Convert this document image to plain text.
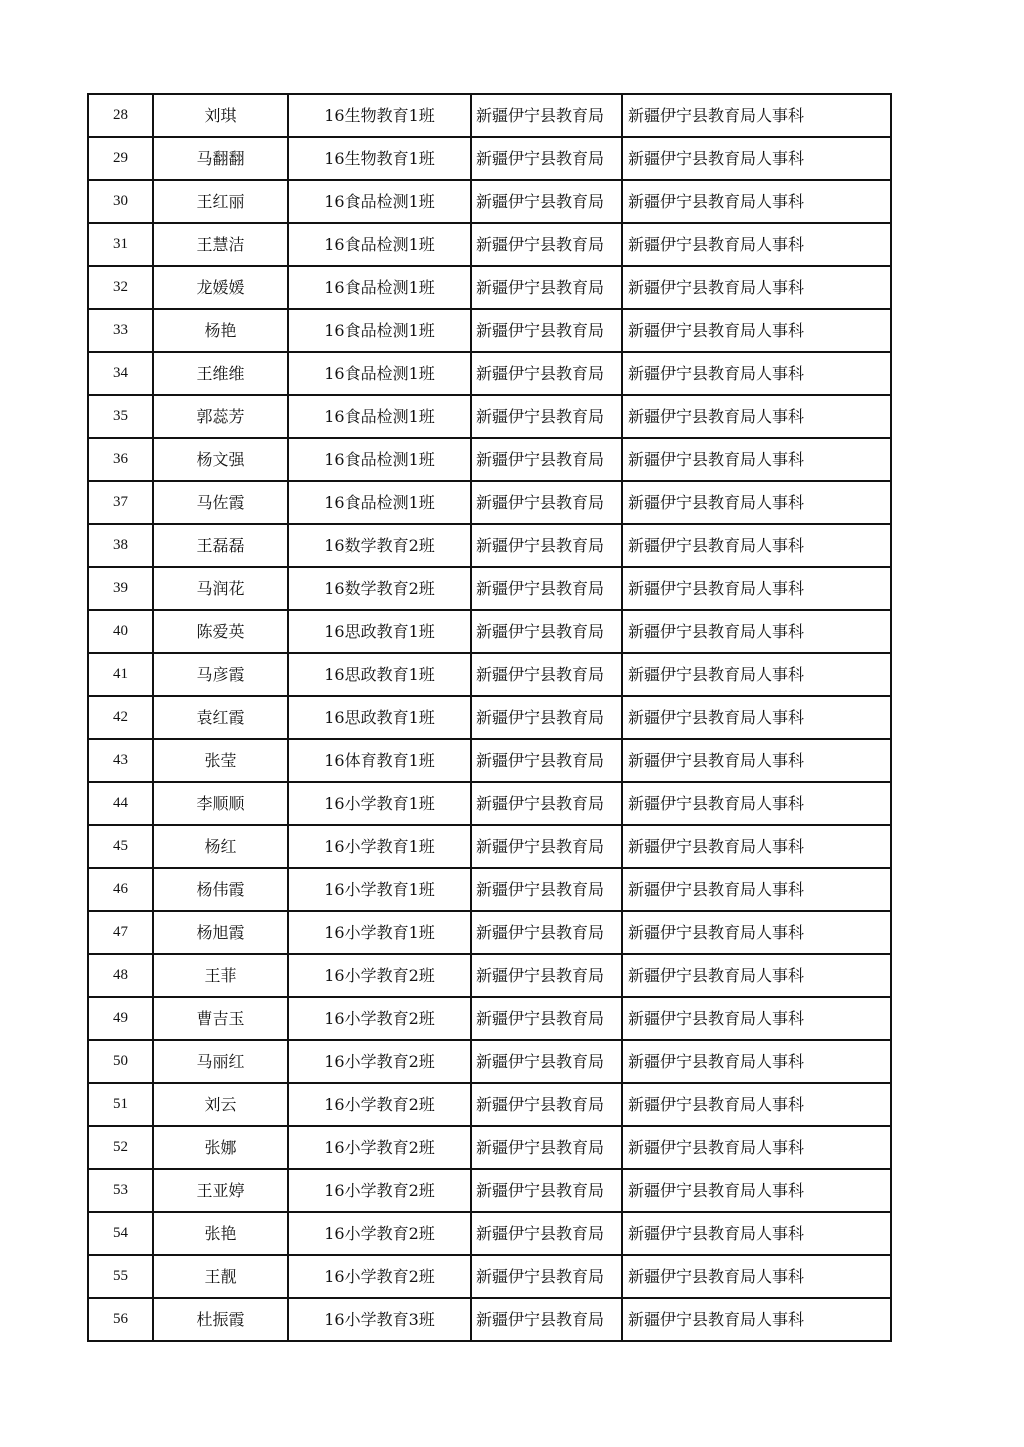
28	刘琪	16生物教育1班	新疆伊宁县教育局	新疆伊宁县教育局人事科
29	马翻翻	16生物教育1班	新疆伊宁县教育局	新疆伊宁县教育局人事科
30	王红丽	16食品检测1班	新疆伊宁县教育局	新疆伊宁县教育局人事科
31	王慧洁	16食品检测1班	新疆伊宁县教育局	新疆伊宁县教育局人事科
32	龙媛媛	16食品检测1班	新疆伊宁县教育局	新疆伊宁县教育局人事科
33	杨艳	16食品检测1班	新疆伊宁县教育局	新疆伊宁县教育局人事科
34	王维维	16食品检测1班	新疆伊宁县教育局	新疆伊宁县教育局人事科
35	郭蕊芳	16食品检测1班	新疆伊宁县教育局	新疆伊宁县教育局人事科
36	杨文强	16食品检测1班	新疆伊宁县教育局	新疆伊宁县教育局人事科
37	马佐霞	16食品检测1班	新疆伊宁县教育局	新疆伊宁县教育局人事科
38	王磊磊	16数学教育2班	新疆伊宁县教育局	新疆伊宁县教育局人事科
39	马润花	16数学教育2班	新疆伊宁县教育局	新疆伊宁县教育局人事科
40	陈爱英	16思政教育1班	新疆伊宁县教育局	新疆伊宁县教育局人事科
41	马彦霞	16思政教育1班	新疆伊宁县教育局	新疆伊宁县教育局人事科
42	袁红霞	16思政教育1班	新疆伊宁县教育局	新疆伊宁县教育局人事科
43	张莹	16体育教育1班	新疆伊宁县教育局	新疆伊宁县教育局人事科
44	李顺顺	16小学教育1班	新疆伊宁县教育局	新疆伊宁县教育局人事科
45	杨红	16小学教育1班	新疆伊宁县教育局	新疆伊宁县教育局人事科
46	杨伟霞	16小学教育1班	新疆伊宁县教育局	新疆伊宁县教育局人事科
47	杨旭霞	16小学教育1班	新疆伊宁县教育局	新疆伊宁县教育局人事科
48	王菲	16小学教育2班	新疆伊宁县教育局	新疆伊宁县教育局人事科
49	曹吉玉	16小学教育2班	新疆伊宁县教育局	新疆伊宁县教育局人事科
50	马丽红	16小学教育2班	新疆伊宁县教育局	新疆伊宁县教育局人事科
51	刘云	16小学教育2班	新疆伊宁县教育局	新疆伊宁县教育局人事科
52	张娜	16小学教育2班	新疆伊宁县教育局	新疆伊宁县教育局人事科
53	王亚婷	16小学教育2班	新疆伊宁县教育局	新疆伊宁县教育局人事科
54	张艳	16小学教育2班	新疆伊宁县教育局	新疆伊宁县教育局人事科
55	王靓	16小学教育2班	新疆伊宁县教育局	新疆伊宁县教育局人事科
56	杜振霞	16小学教育3班	新疆伊宁县教育局	新疆伊宁县教育局人事科
